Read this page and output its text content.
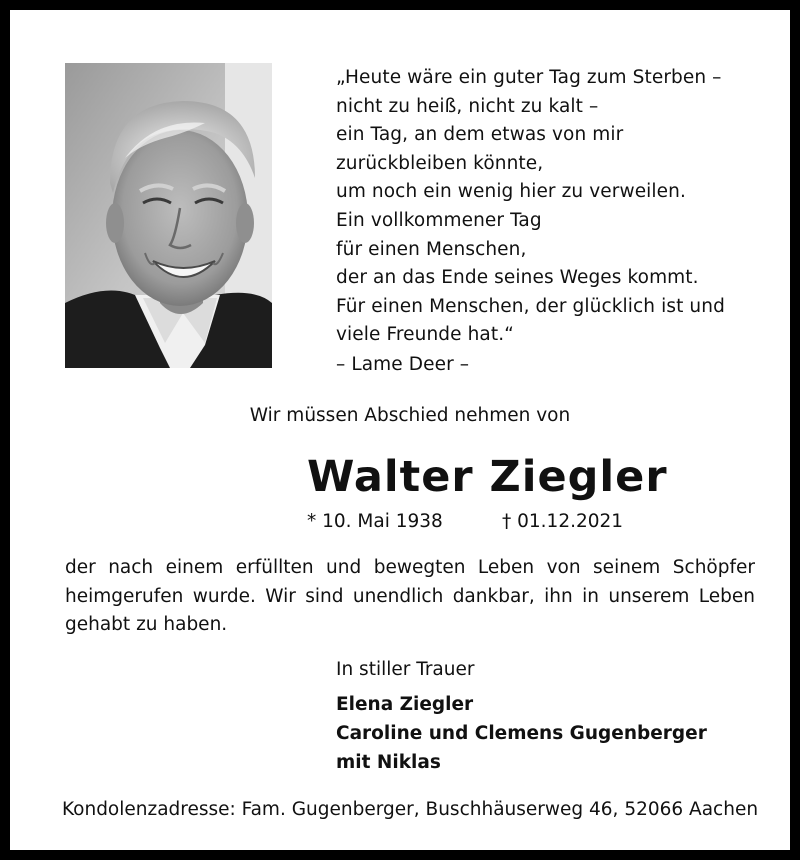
„Heute wäre ein guter Tag zum Sterben –
nicht zu heiß, nicht zu kalt –
ein Tag, an dem etwas von mir
zurückbleiben könnte,
um noch ein wenig hier zu verweilen.
Ein vollkommener Tag
für einen Menschen,
der an das Ende seines Weges kommt.
Für einen Menschen, der glücklich ist und
viele Freunde hat.“
– Lame Deer –
Wir müssen Abschied nehmen von
Walter Ziegler
* 10. Mai 1938	† 01.12.2021
der nach einem erfüllten und bewegten Leben von seinem Schöpfer heimgerufen wurde. Wir sind unendlich dankbar, ihn in unserem Leben gehabt zu haben.
In stiller Trauer
Elena Ziegler
Caroline und Clemens Gugenberger
mit Niklas
Kondolenzadresse: Fam. Gugenberger, Buschhäuserweg 46, 52066 Aachen
